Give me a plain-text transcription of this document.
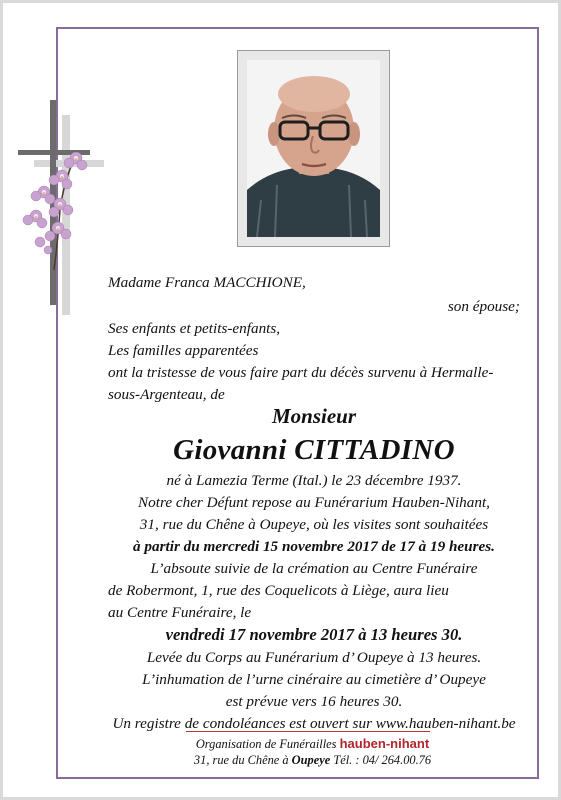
Madame Franca MACCHIONE,
son épouse;
Ses enfants et petits-enfants,
Les familles apparentées
ont la tristesse de vous faire part du décès survenu à Hermalle-
sous-Argenteau, de
Monsieur
Giovanni CITTADINO
né à Lamezia Terme (Ital.) le 23 décembre 1937.
Notre cher Défunt repose au Funérarium Hauben-Nihant,
31, rue du Chêne à Oupeye, où les visites sont souhaitées
à partir du mercredi 15 novembre 2017 de 17 à 19 heures.
L’absoute suivie de la crémation au Centre Funéraire
de Robermont, 1, rue des Coquelicots à Liège, aura lieu
au Centre Funéraire, le
vendredi 17 novembre 2017 à 13 heures 30.
Levée du Corps au Funérarium d’ Oupeye à 13 heures.
L’inhumation de l’urne cinéraire au cimetière d’ Oupeye
est prévue vers 16 heures 30.
Un registre de condoléances est ouvert sur www.hauben-nihant.be
Organisation de Funérailles hauben-nihant
31, rue du Chêne à Oupeye Tél. : 04/ 264.00.76
